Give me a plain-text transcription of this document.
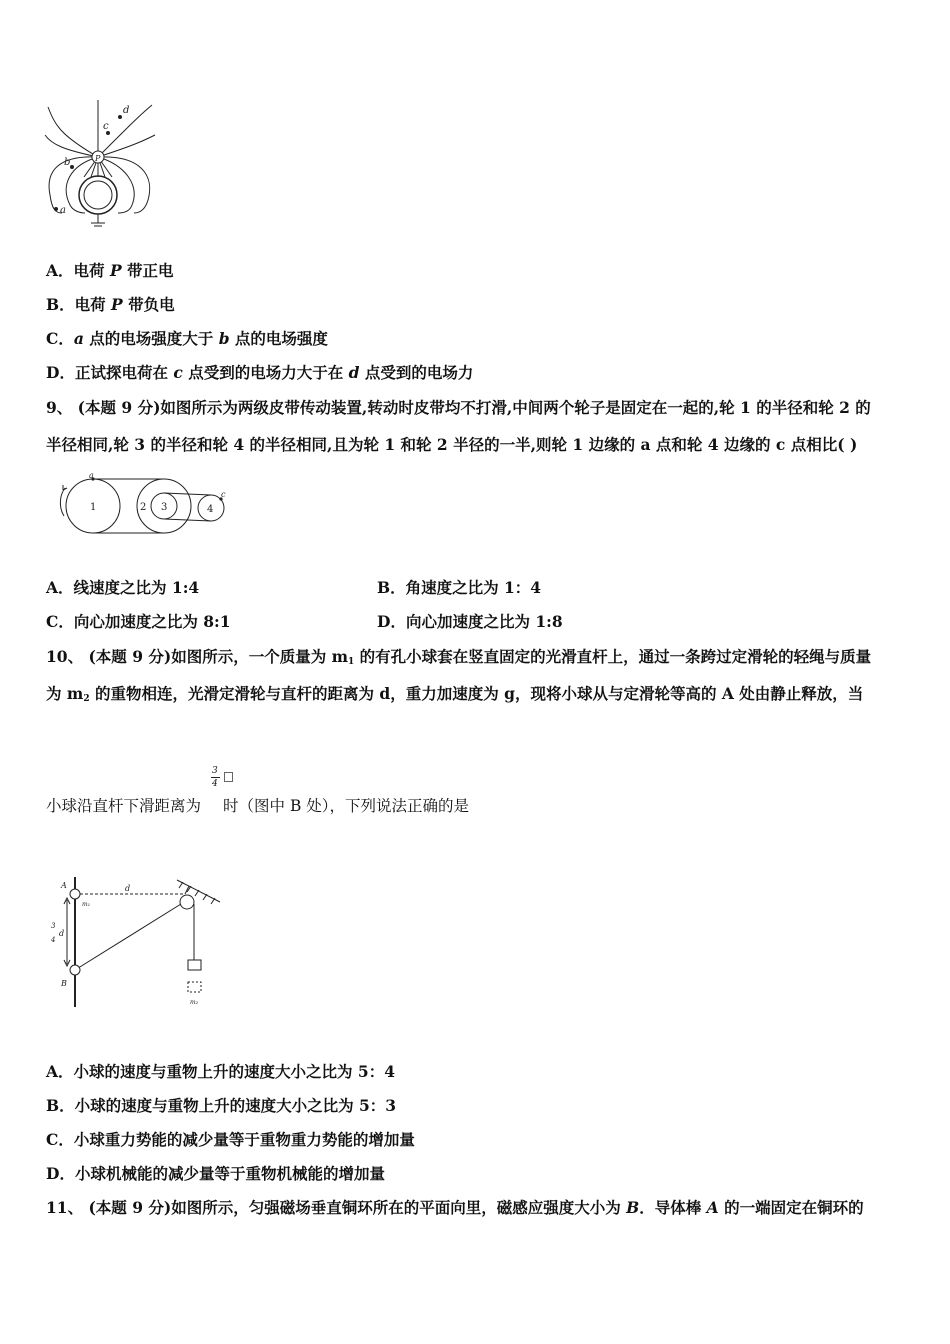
d
c
P
b
a
A．电荷 P 带正电
B．电荷 P 带负电
C．a 点的电场强度大于 b 点的电场强度
D．正试探电荷在 c 点受到的电场力大于在 d 点受到的电场力
9、 (本题 9 分)如图所示为两级皮带传动装置,转动时皮带均不打滑,中间两个轮子是固定在一起的,轮 1 的半径和轮 2 的
半径相同,轮 3 的半径和轮 4 的半径相同,且为轮 1 和轮 2 半径的一半,则轮 1 边缘的 a 点和轮 4 边缘的 c 点相比( )
a
1	2 3	4
c
A．线速度之比为 1:4	B．角速度之比为 1：4
C．向心加速度之比为 8:1	D．向心加速度之比为 1:8
10、 (本题 9 分)如图所示，一个质量为 $m_1$ 的有孔小球套在竖直固定的光滑直杆上，通过一条跨过定滑轮的轻绳与质量
为 $m_2$ 的重物相连，光滑定滑轮与直杆的距离为 d，重力加速度为 g，现将小球从与定滑轮等高的 A 处由静止释放，当
3
4
小球沿直杆下滑距离为 时（图中 B 处），下列说法正确的是
A	d
m₁
3
4
d
B
m₂
A．小球的速度与重物上升的速度大小之比为 5：4
B．小球的速度与重物上升的速度大小之比为 5：3
C．小球重力势能的减少量等于重物重力势能的增加量
D．小球机械能的减少量等于重物机械能的增加量
11、 (本题 9 分)如图所示，匀强磁场垂直铜环所在的平面向里，磁感应强度大小为 B．导体棒 A 的一端固定在铜环的
